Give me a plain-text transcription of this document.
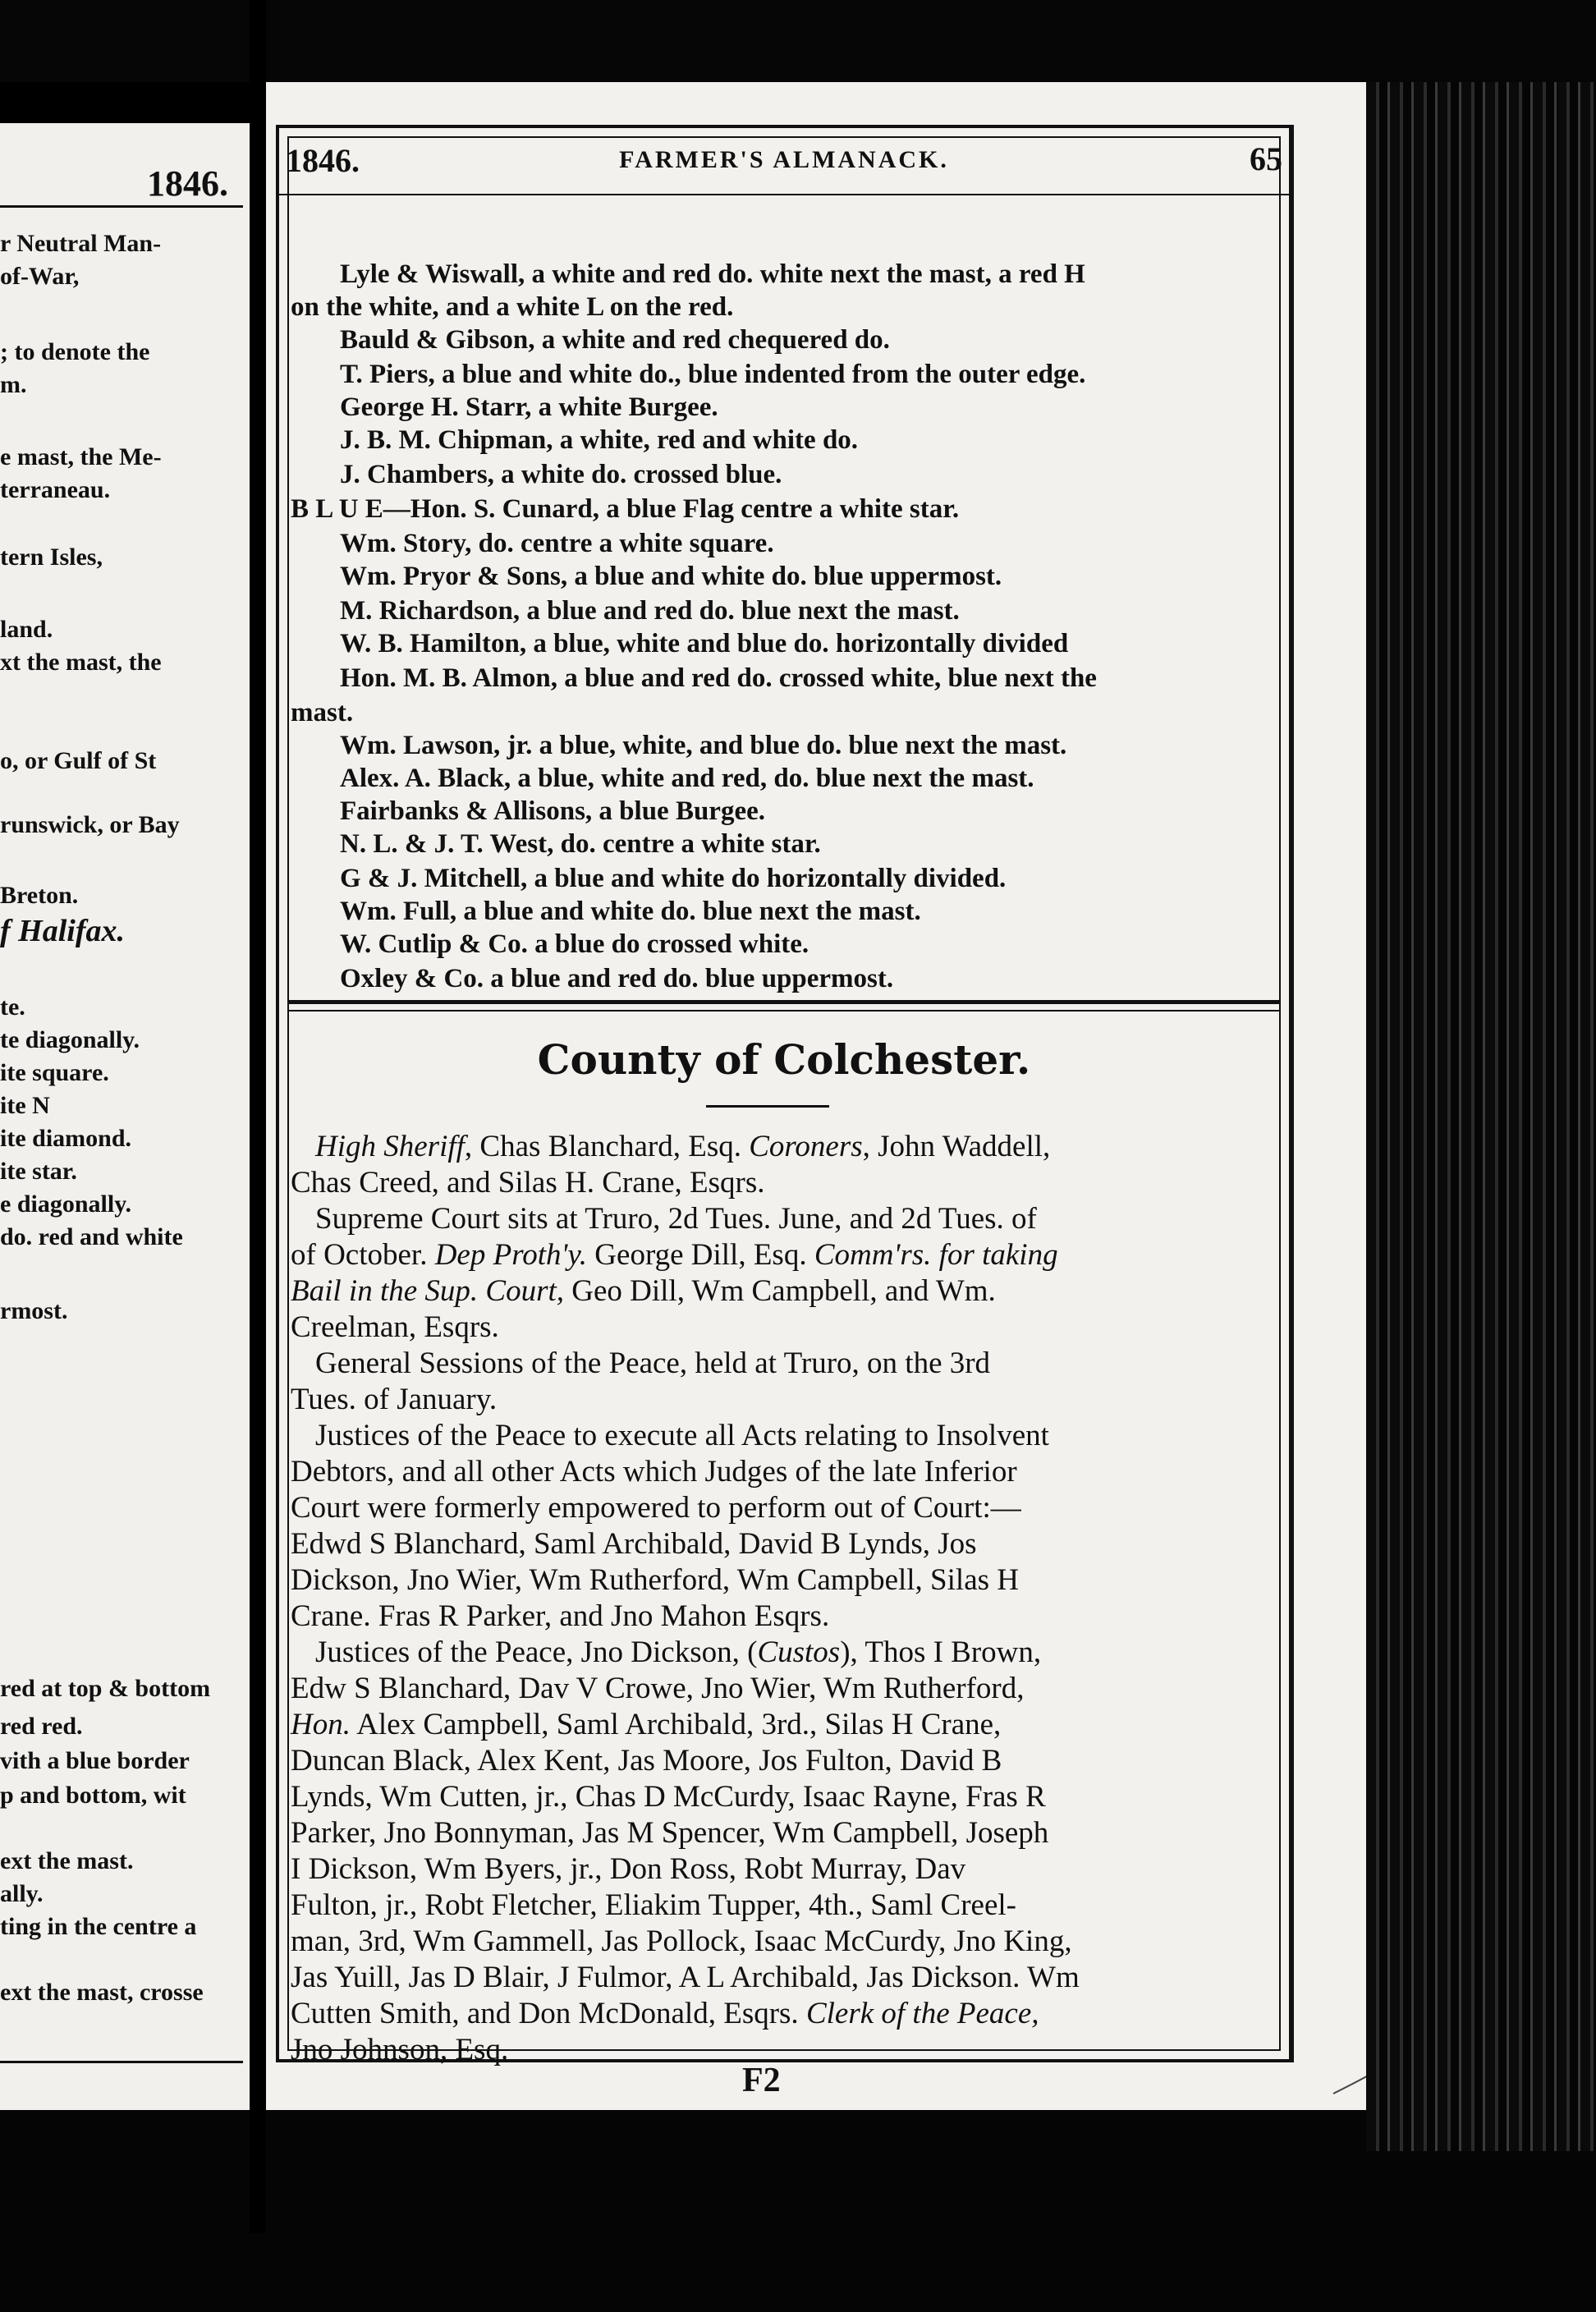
1846.
r Neutral Man-
of-War,
; to denote the
m.
e mast, the Me-
terraneau.
tern Isles,
land.
xt the mast, the
o, or Gulf of St
runswick, or Bay
Breton.
f Halifax.
te.
te diagonally.
ite square.
ite N
ite diamond.
ite star.
e diagonally.
do. red and white
rmost.
red at top & bottom
red red.
vith a blue border
p and bottom, wit
ext the mast.
ally.
ting in the centre a
ext the mast, crosse
1846.	FARMER'S ALMANACK.	65
Lyle & Wiswall, a white and red do. white next the mast, a red H
on the white, and a white L on the red.
Bauld & Gibson, a white and red chequered do.
T. Piers, a blue and white do., blue indented from the outer edge.
George H. Starr, a white Burgee.
J. B. M. Chipman, a white, red and white do.
J. Chambers, a white do. crossed blue.
B L U E—Hon. S. Cunard, a blue Flag centre a white star.
Wm. Story, do. centre a white square.
Wm. Pryor & Sons, a blue and white do. blue uppermost.
M. Richardson, a blue and red do. blue next the mast.
W. B. Hamilton, a blue, white and blue do. horizontally divided
Hon. M. B. Almon, a blue and red do. crossed white, blue next the
mast.
Wm. Lawson, jr. a blue, white, and blue do. blue next the mast.
Alex. A. Black, a blue, white and red, do. blue next the mast.
Fairbanks & Allisons, a blue Burgee.
N. L. & J. T. West, do. centre a white star.
G & J. Mitchell, a blue and white do horizontally divided.
Wm. Full, a blue and white do. blue next the mast.
W. Cutlip & Co. a blue do crossed white.
Oxley & Co. a blue and red do. blue uppermost.
County of Colchester.
High Sheriff, Chas Blanchard, Esq. Coroners, John Waddell,
Chas Creed, and Silas H. Crane, Esqrs.
Supreme Court sits at Truro, 2d Tues. June, and 2d Tues. of
of October. Dep Proth'y. George Dill, Esq. Comm'rs. for taking
Bail in the Sup. Court, Geo Dill, Wm Campbell, and Wm.
Creelman, Esqrs.
General Sessions of the Peace, held at Truro, on the 3rd
Tues. of January.
Justices of the Peace to execute all Acts relating to Insolvent
Debtors, and all other Acts which Judges of the late Inferior
Court were formerly empowered to perform out of Court:—
Edwd S Blanchard, Saml Archibald, David B Lynds, Jos
Dickson, Jno Wier, Wm Rutherford, Wm Campbell, Silas H
Crane. Fras R Parker, and Jno Mahon Esqrs.
Justices of the Peace, Jno Dickson, (Custos), Thos I Brown,
Edw S Blanchard, Dav V Crowe, Jno Wier, Wm Rutherford,
Hon. Alex Campbell, Saml Archibald, 3rd., Silas H Crane,
Duncan Black, Alex Kent, Jas Moore, Jos Fulton, David B
Lynds, Wm Cutten, jr., Chas D McCurdy, Isaac Rayne, Fras R
Parker, Jno Bonnyman, Jas M Spencer, Wm Campbell, Joseph
I Dickson, Wm Byers, jr., Don Ross, Robt Murray, Dav
Fulton, jr., Robt Fletcher, Eliakim Tupper, 4th., Saml Creel-
man, 3rd, Wm Gammell, Jas Pollock, Isaac McCurdy, Jno King,
Jas Yuill, Jas D Blair, J Fulmor, A L Archibald, Jas Dickson. Wm
Cutten Smith, and Don McDonald, Esqrs. Clerk of the Peace,
Jno Johnson, Esq.
F2
